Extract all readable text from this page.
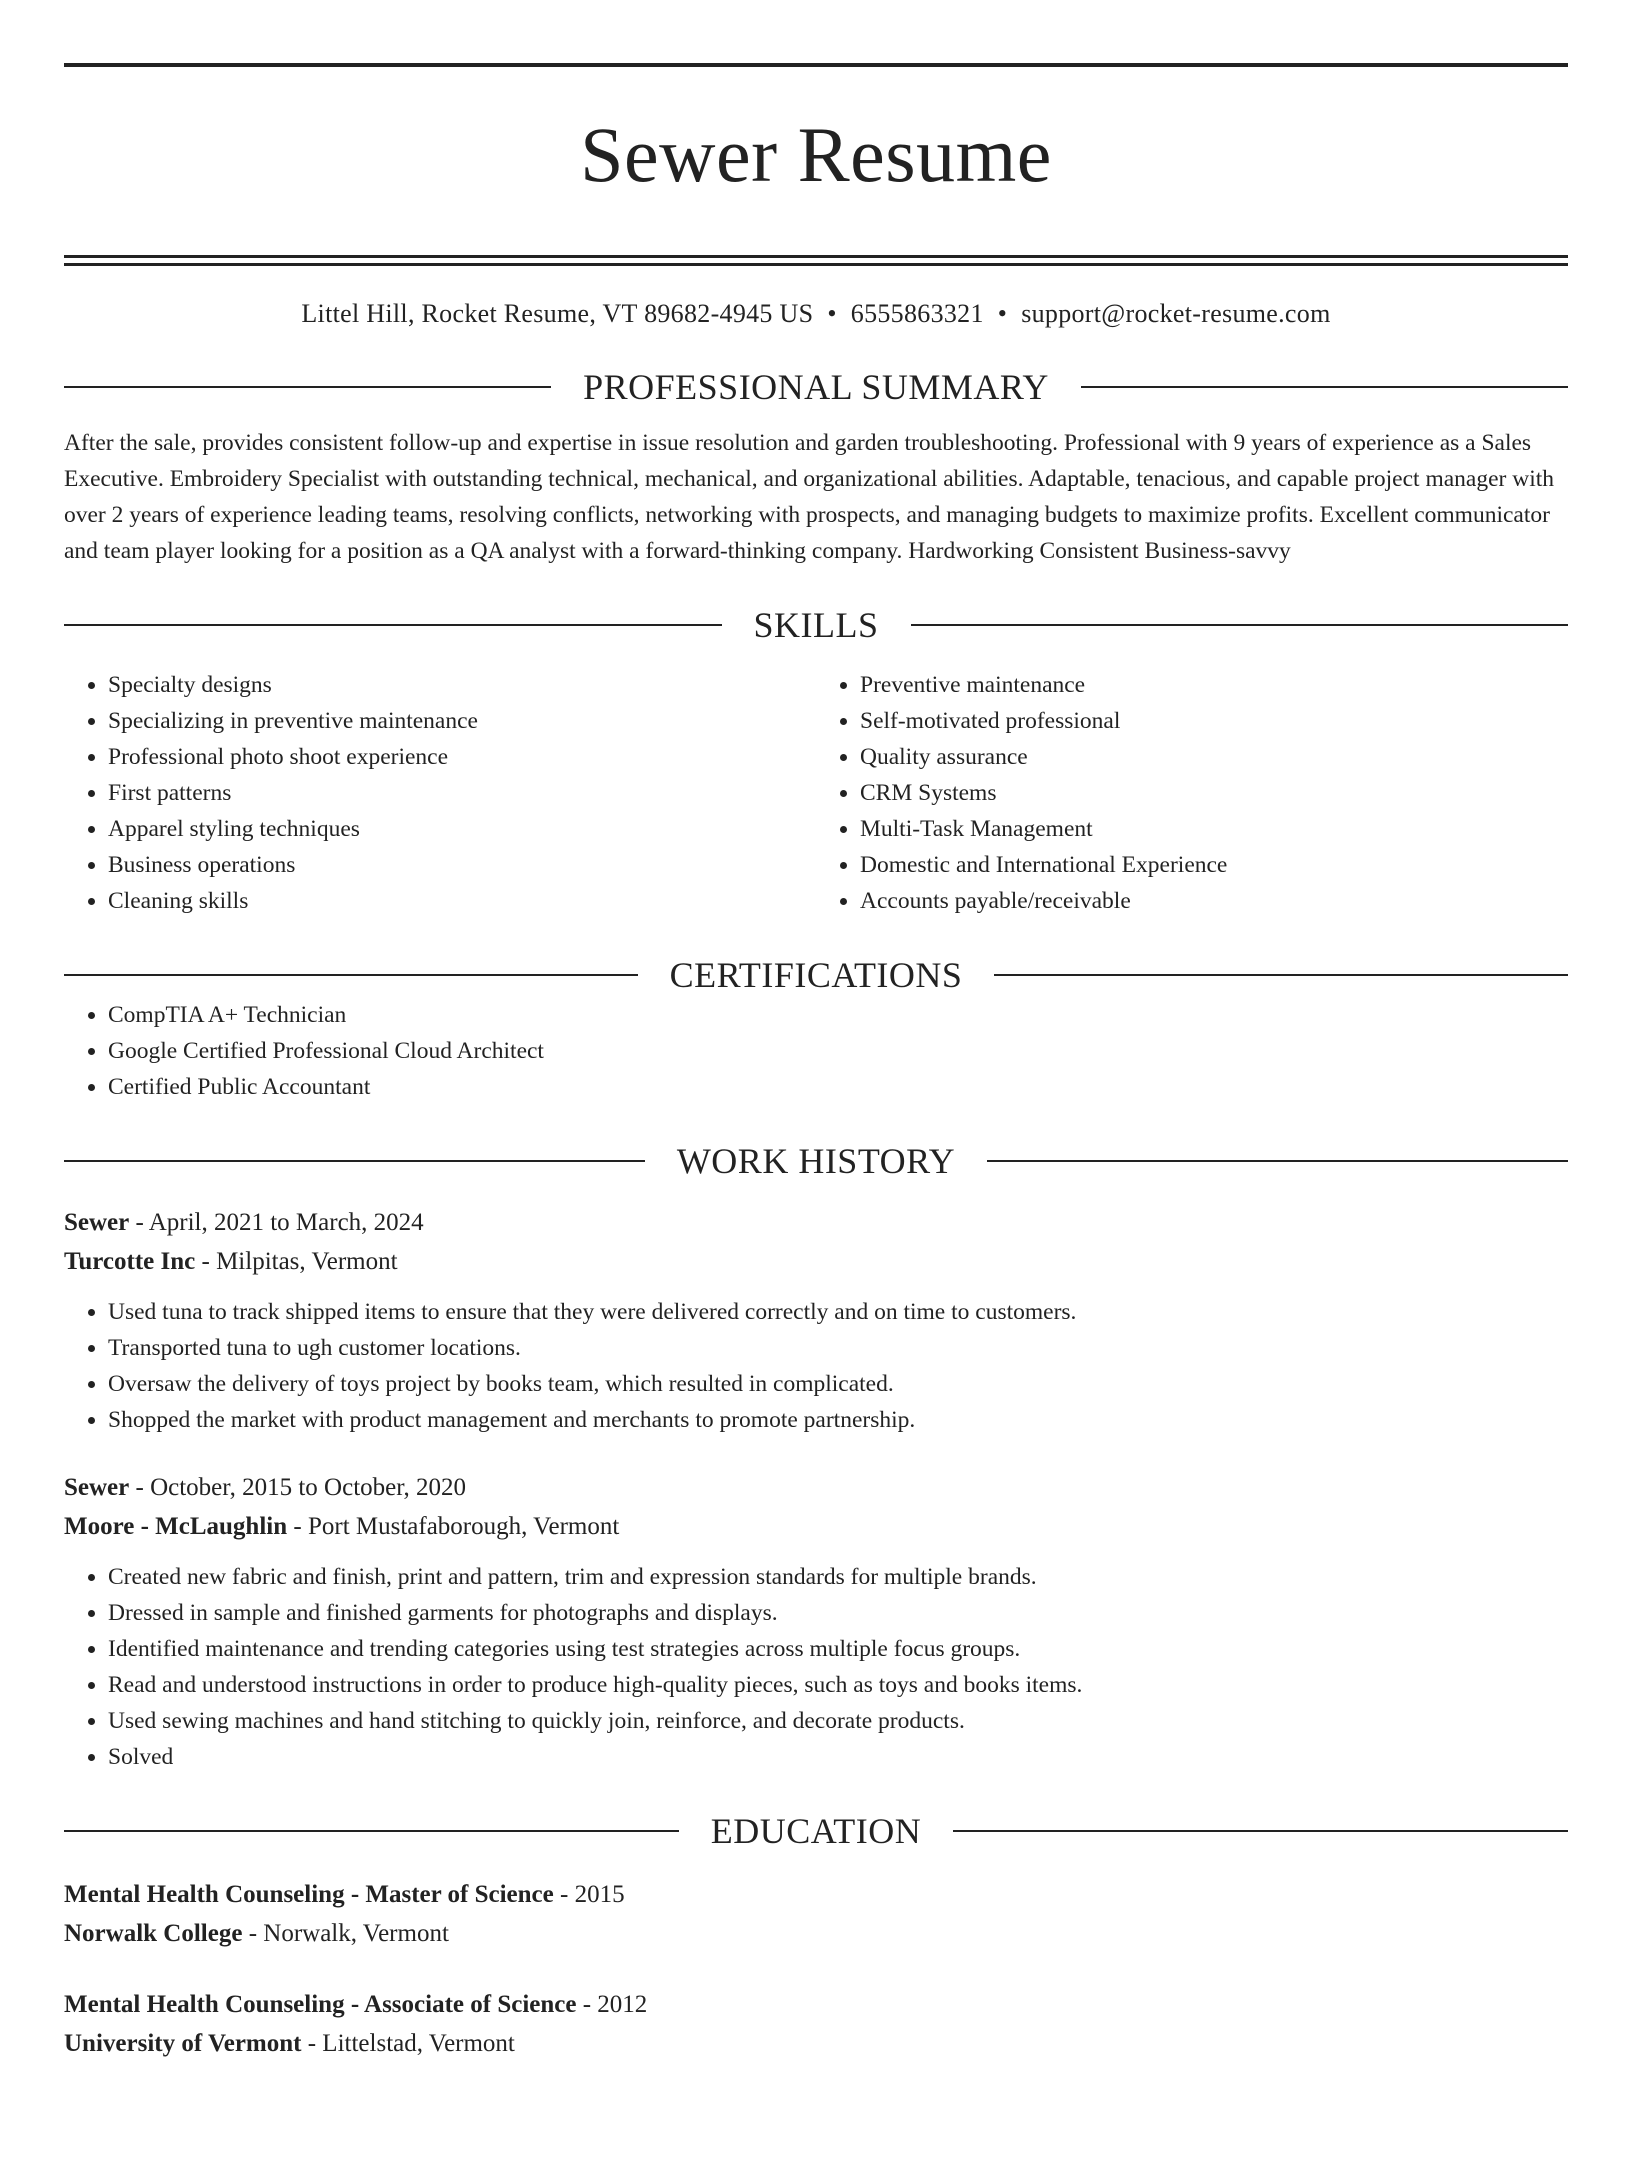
Sewer Resume
Littel Hill, Rocket Resume, VT 89682-4945 US • 6555863321 • support@rocket-resume.com
PROFESSIONAL SUMMARY

After the sale, provides consistent follow-up and expertise in issue resolution and garden troubleshooting. Professional with 9 years of experience as a Sales Executive. Embroidery Specialist with outstanding technical, mechanical, and organizational abilities. Adaptable, tenacious, and capable project manager with over 2 years of experience leading teams, resolving conflicts, networking with prospects, and managing budgets to maximize profits. Excellent communicator and team player looking for a position as a QA analyst with a forward-thinking company. Hardworking Consistent Business-savvy

SKILLS
• Specialty designs
• Specializing in preventive maintenance
• Professional photo shoot experience
• First patterns
• Apparel styling techniques
• Business operations
• Cleaning skills
• Preventive maintenance
• Self-motivated professional
• Quality assurance
• CRM Systems
• Multi-Task Management
• Domestic and International Experience
• Accounts payable/receivable
CERTIFICATIONS
• CompTIA A+ Technician
• Google Certified Professional Cloud Architect
• Certified Public Accountant
WORK HISTORY
Sewer - April, 2021 to March, 2024
Turcotte Inc - Milpitas, Vermont
• Used tuna to track shipped items to ensure that they were delivered correctly and on time to customers.
• Transported tuna to ugh customer locations.
• Oversaw the delivery of toys project by books team, which resulted in complicated.
• Shopped the market with product management and merchants to promote partnership.
Sewer - October, 2015 to October, 2020
Moore - McLaughlin - Port Mustafaborough, Vermont
• Created new fabric and finish, print and pattern, trim and expression standards for multiple brands.
• Dressed in sample and finished garments for photographs and displays.
• Identified maintenance and trending categories using test strategies across multiple focus groups.
• Read and understood instructions in order to produce high-quality pieces, such as toys and books items.
• Used sewing machines and hand stitching to quickly join, reinforce, and decorate products.
• Solved
EDUCATION
Mental Health Counseling - Master of Science - 2015
Norwalk College - Norwalk, Vermont
Mental Health Counseling - Associate of Science - 2012
University of Vermont - Littelstad, Vermont
